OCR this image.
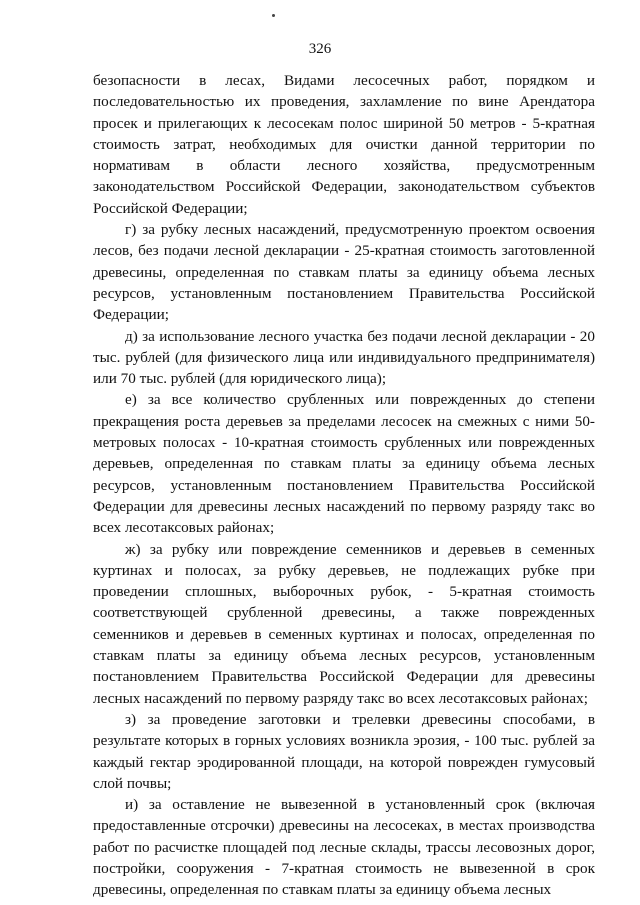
326

безопасности в лесах, Видами лесосечных работ, порядком и последовательностью их проведения, захламление по вине Арендатора просек и прилегающих к лесосекам полос шириной 50 метров - 5-кратная стоимость затрат, необходимых для очистки данной территории по нормативам в области лесного хозяйства, предусмотренным законодательством Российской Федерации, законодательством субъектов Российской Федерации;

г) за рубку лесных насаждений, предусмотренную проектом освоения лесов, без подачи лесной декларации - 25-кратная стоимость заготовленной древесины, определенная по ставкам платы за единицу объема лесных ресурсов, установленным постановлением Правительства Российской Федерации;

д) за использование лесного участка без подачи лесной декларации - 20 тыс. рублей (для физического лица или индивидуального предпринимателя) или 70 тыс. рублей (для юридического лица);

е) за все количество срубленных или поврежденных до степени прекращения роста деревьев за пределами лесосек на смежных с ними 50-метровых полосах - 10-кратная стоимость срубленных или поврежденных деревьев, определенная по ставкам платы за единицу объема лесных ресурсов, установленным постановлением Правительства Российской Федерации для древесины лесных насаждений по первому разряду такс во всех лесотаксовых районах;

ж) за рубку или повреждение семенников и деревьев в семенных куртинах и полосах, за рубку деревьев, не подлежащих рубке при проведении сплошных, выборочных рубок, - 5-кратная стоимость соответствующей срубленной древесины, а также поврежденных семенников и деревьев в семенных куртинах и полосах, определенная по ставкам платы за единицу объема лесных ресурсов, установленным постановлением Правительства Российской Федерации для древесины лесных насаждений по первому разряду такс во всех лесотаксовых районах;

з) за проведение заготовки и трелевки древесины способами, в результате которых в горных условиях возникла эрозия, - 100 тыс. рублей за каждый гектар эродированной площади, на которой поврежден гумусовый слой почвы;

и) за оставление не вывезенной в установленный срок (включая предоставленные отсрочки) древесины на лесосеках, в местах производства работ по расчистке площадей под лесные склады, трассы лесовозных дорог, постройки, сооружения - 7-кратная стоимость не вывезенной в срок древесины, определенная по ставкам платы за единицу объема лесных
